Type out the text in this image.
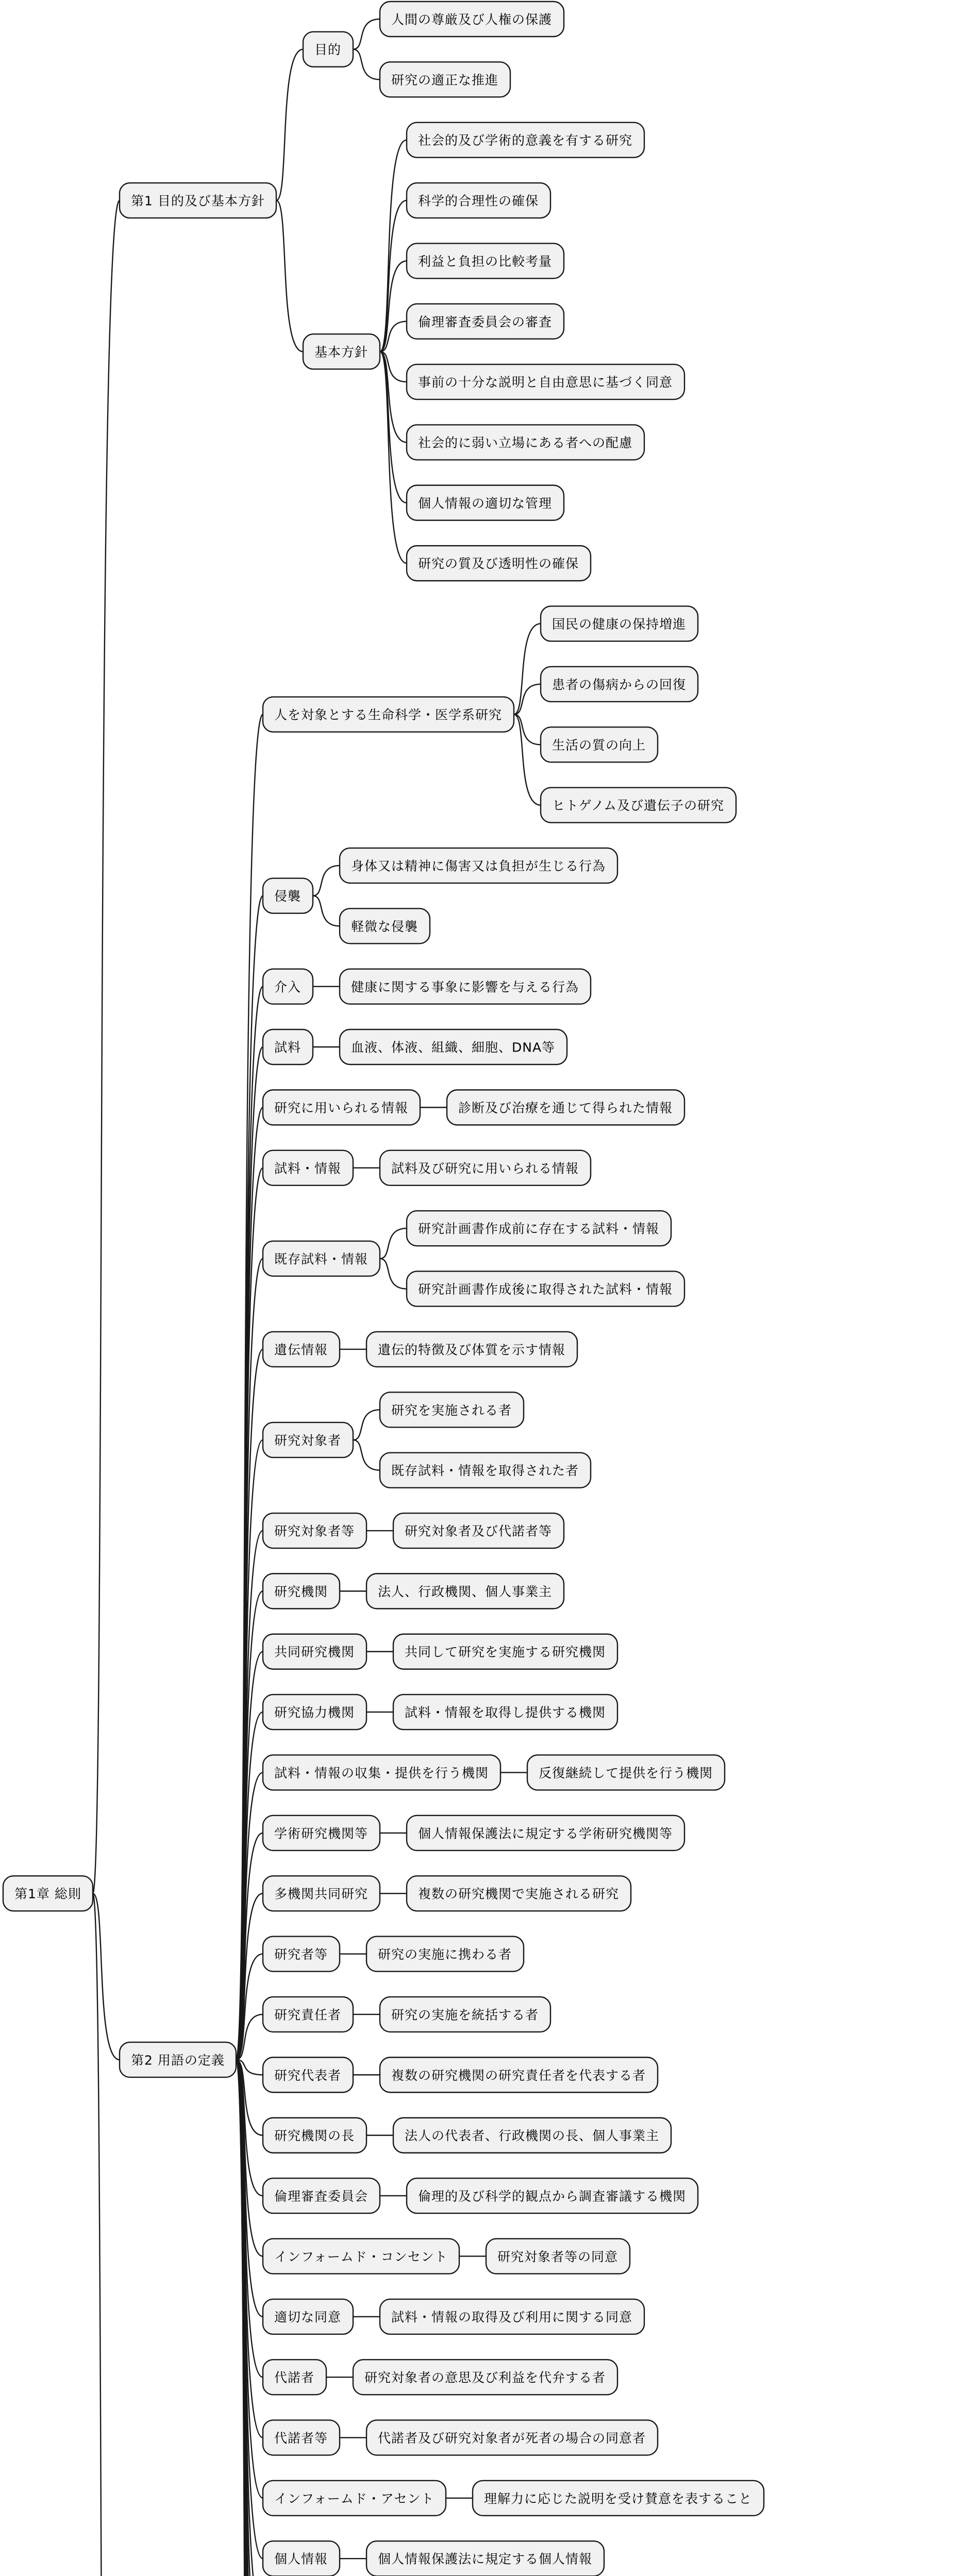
第1章 総則
第1 目的及び基本方針
目的
人間の尊厳及び人権の保護
研究の適正な推進
基本方針
社会的及び学術的意義を有する研究
科学的合理性の確保
利益と負担の比較考量
倫理審査委員会の審査
事前の十分な説明と自由意思に基づく同意
社会的に弱い立場にある者への配慮
個人情報の適切な管理
研究の質及び透明性の確保
第2 用語の定義
人を対象とする生命科学・医学系研究
国民の健康の保持増進
患者の傷病からの回復
生活の質の向上
ヒトゲノム及び遺伝子の研究
侵襲
身体又は精神に傷害又は負担が生じる行為
軽微な侵襲
介入	健康に関する事象に影響を与える行為
試料	血液、体液、組織、細胞、DNA等
研究に用いられる情報	診断及び治療を通じて得られた情報
試料・情報	試料及び研究に用いられる情報
既存試料・情報
研究計画書作成前に存在する試料・情報
研究計画書作成後に取得された試料・情報
遺伝情報	遺伝的特徴及び体質を示す情報
研究対象者
研究を実施される者
既存試料・情報を取得された者
研究対象者等	研究対象者及び代諾者等
研究機関	法人、行政機関、個人事業主
共同研究機関	共同して研究を実施する研究機関
研究協力機関	試料・情報を取得し提供する機関
試料・情報の収集・提供を行う機関	反復継続して提供を行う機関
学術研究機関等	個人情報保護法に規定する学術研究機関等
多機関共同研究	複数の研究機関で実施される研究
研究者等	研究の実施に携わる者
研究責任者	研究の実施を統括する者
研究代表者	複数の研究機関の研究責任者を代表する者
研究機関の長	法人の代表者、行政機関の長、個人事業主
倫理審査委員会	倫理的及び科学的観点から調査審議する機関
インフォームド・コンセント	研究対象者等の同意
適切な同意	試料・情報の取得及び利用に関する同意
代諾者	研究対象者の意思及び利益を代弁する者
代諾者等	代諾者及び研究対象者が死者の場合の同意者
インフォームド・アセント	理解力に応じた説明を受け賛意を表すること
個人情報	個人情報保護法に規定する個人情報
